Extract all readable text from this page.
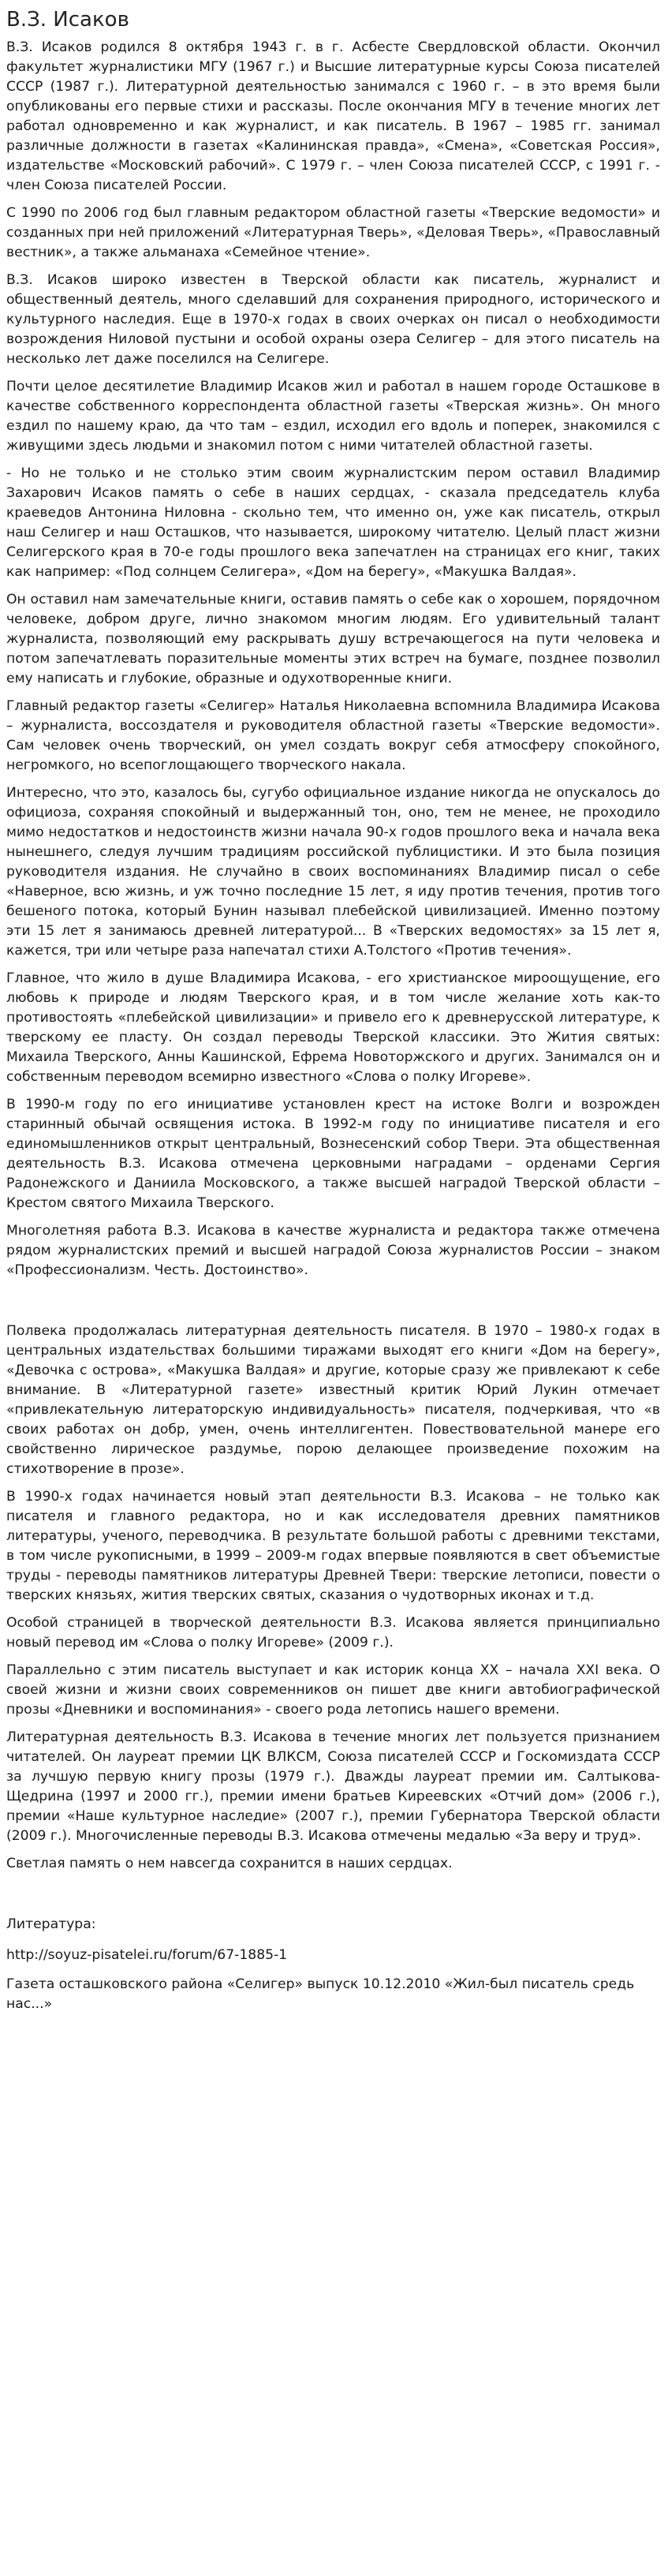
В.З. Исаков

В.З. Исаков родился 8 октября 1943 г. в г. Асбесте Свердловской области. Окончил факультет журналистики МГУ (1967 г.) и Высшие литературные курсы Союза писателей СССР (1987 г.). Литературной деятельностью занимался с 1960 г. – в это время были опубликованы его первые стихи и рассказы. После окончания МГУ в течение многих лет работал одновременно и как журналист, и как писатель. В 1967 – 1985 гг. занимал различные должности в газетах «Калининская правда», «Смена», «Советская Россия», издательстве «Московский рабочий». С 1979 г. – член Союза писателей СССР, с 1991 г. - член Союза писателей России.

С 1990 по 2006 год был главным редактором областной газеты «Тверские ведомости» и созданных при ней приложений «Литературная Тверь», «Деловая Тверь», «Православный вестник», а также альманаха «Семейное чтение».

В.З. Исаков широко известен в Тверской области как писатель, журналист и общественный деятель, много сделавший для сохранения природного, исторического и культурного наследия. Еще в 1970-х годах в своих очерках он писал о необходимости возрождения Ниловой пустыни и особой охраны озера Селигер – для этого писатель на несколько лет даже поселился на Селигере.

Почти целое десятилетие Владимир Исаков жил и работал в нашем городе Осташкове в качестве собственного корреспондента областной газеты «Тверская жизнь». Он много ездил по нашему краю, да что там – ездил, исходил его вдоль и поперек, знакомился с живущими здесь людьми и знакомил потом с ними читателей областной газеты.

- Но не только и не столько этим своим журналистским пером оставил Владимир Захарович Исаков память о себе в наших сердцах, - сказала председатель клуба краеведов Антонина Ниловна - скольно тем, что именно он, уже как писатель, открыл наш Селигер и наш Осташков, что называется, широкому читателю. Целый пласт жизни Селигерского края в 70-е годы прошлого века запечатлен на страницах его книг, таких как например: «Под солнцем Селигера», «Дом на берегу», «Макушка Валдая».

Он оставил нам замечательные книги, оставив память о себе как о хорошем, порядочном человеке, добром друге, лично знакомом многим людям. Его удивительный талант журналиста, позволяющий ему раскрывать душу встречающегося на пути человека и потом запечатлевать поразительные моменты этих встреч на бумаге, позднее позволил ему написать и глубокие, образные и одухотворенные книги.

Главный редактор газеты «Селигер» Наталья Николаевна вспомнила Владимира Исакова – журналиста, воссоздателя и руководителя областной газеты «Тверские ведомости». Сам человек очень творческий, он умел создать вокруг себя атмосферу спокойного, негромкого, но всепоглощающего творческого накала.

Интересно, что это, казалось бы, сугубо официальное издание никогда не опускалось до официоза, сохраняя спокойный и выдержанный тон, оно, тем не менее, не проходило мимо недостатков и недостоинств жизни начала 90-х годов прошлого века и начала века нынешнего, следуя лучшим традициям российской публицистики. И это была позиция руководителя издания. Не случайно в своих воспоминаниях Владимир писал о себе «Наверное, всю жизнь, и уж точно последние 15 лет, я иду против течения, против того бешеного потока, который Бунин называл плебейской цивилизацией. Именно поэтому эти 15 лет я занимаюсь древней литературой... В «Тверских ведомостях» за 15 лет я, кажется, три или четыре раза напечатал стихи А.Толстого «Против течения».

Главное, что жило в душе Владимира Исакова, - его христианское мироощущение, его любовь к природе и людям Тверского края, и в том числе желание хоть как-то противостоять «плебейской цивилизации» и привело его к древнерусской литературе, к тверскому ее пласту. Он создал переводы Тверской классики. Это Жития святых: Михаила Тверского, Анны Кашинской, Ефрема Новоторжского и других. Занимался он и собственным переводом всемирно известного «Слова о полку Игореве».

В 1990-м году по его инициативе установлен крест на истоке Волги и возрожден старинный обычай освящения истока. В 1992-м году по инициативе писателя и его единомышленников открыт центральный, Вознесенский собор Твери. Эта общественная деятельность В.З. Исакова отмечена церковными наградами – орденами Сергия Радонежского и Даниила Московского, а также высшей наградой Тверской области – Крестом святого Михаила Тверского.

Многолетняя работа В.З. Исакова в качестве журналиста и редактора также отмечена рядом журналистских премий и высшей наградой Союза журналистов России – знаком «Профессионализм. Честь. Достоинство».

Полвека продолжалась литературная деятельность писателя. В 1970 – 1980-х годах в центральных издательствах большими тиражами выходят его книги «Дом на берегу», «Девочка с острова», «Макушка Валдая» и другие, которые сразу же привлекают к себе внимание. В «Литературной газете» известный критик Юрий Лукин отмечает «привлекательную литераторскую индивидуальность» писателя, подчеркивая, что «в своих работах он добр, умен, очень интеллигентен. Повествовательной манере его свойственно лирическое раздумье, порою делающее произведение похожим на стихотворение в прозе».

В 1990-х годах начинается новый этап деятельности В.З. Исакова – не только как писателя и главного редактора, но и как исследователя древних памятников литературы, ученого, переводчика. В результате большой работы с древними текстами, в том числе рукописными, в 1999 – 2009-м годах впервые появляются в свет объемистые труды - переводы памятников литературы Древней Твери: тверские летописи, повести о тверских князьях, жития тверских святых, сказания о чудотворных иконах и т.д.

Особой страницей в творческой деятельности В.З. Исакова является принципиально новый перевод им «Слова о полку Игореве» (2009 г.).

Параллельно с этим писатель выступает и как историк конца XX – начала XXI века. О своей жизни и жизни своих современников он пишет две книги автобиографической прозы «Дневники и воспоминания» - своего рода летопись нашего времени.

Литературная деятельность В.З. Исакова в течение многих лет пользуется признанием читателей. Он лауреат премии ЦК ВЛКСМ, Союза писателей СССР и Госкомиздата СССР за лучшую первую книгу прозы (1979 г.). Дважды лауреат премии им. Салтыкова-Щедрина (1997 и 2000 гг.), премии имени братьев Киреевских «Отчий дом» (2006 г.), премии «Наше культурное наследие» (2007 г.), премии Губернатора Тверской области (2009 г.). Многочисленные переводы В.З. Исакова отмечены медалью «За веру и труд».

Светлая память о нем навсегда сохранится в наших сердцах.

Литература:

http://soyuz-pisatelei.ru/forum/67-1885-1

Газета осташковского района «Селигер» выпуск 10.12.2010 «Жил-был писатель средь нас...»
